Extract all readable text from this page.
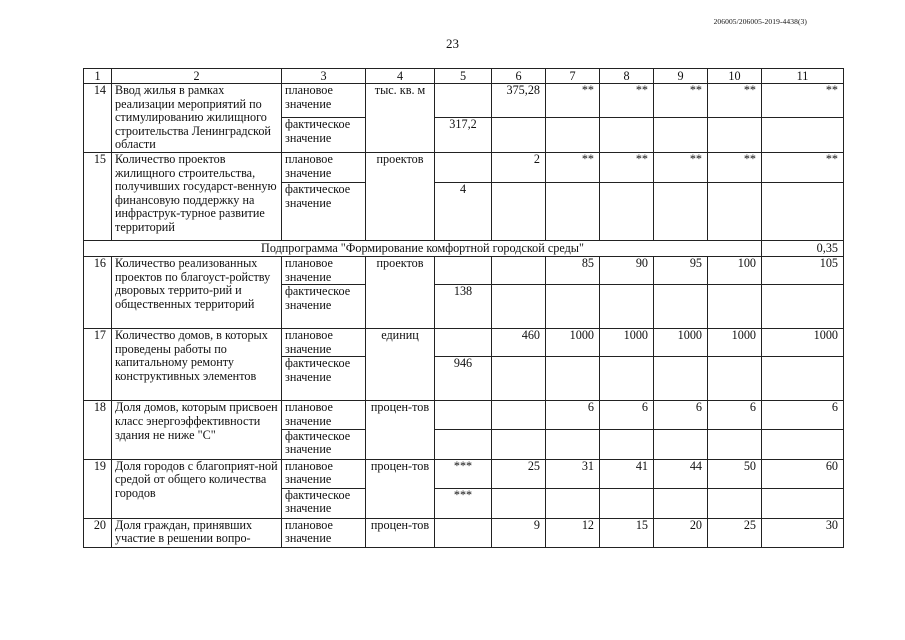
206005/206005-2019-4438(3)
23
1	2	3	4	5	6	7	8	9	10	11	
14	Ввод жилья в рамках реализации мероприятий по стимулированию жилищного строительства Ленинградской области	плановое значение	тыс. кв. м		375,28	**	**	**	**	**	
		фактическое значение		317,2							
15	Количество проектов жилищного строительства, получивших государст-венную финансовую поддержку на инфраструк-турное развитие территорий	плановое значение	проектов		2	**	**	**	**	**	
		фактическое значение		4							
Подпрограмма "Формирование комфортной городской среды"										0,35	
16	Количество реализованных проектов по благоуст-ройству дворовых террито-рий и общественных территорий	плановое значение	проектов			85	90	95	100	105	
		фактическое значение		138							
17	Количество домов, в которых проведены работы по капитальному ремонту конструктивных элементов	плановое значение	единиц		460	1000	1000	1000	1000	1000	
		фактическое значение		946							
18	Доля домов, которым присвоен класс энергоэффективности здания не ниже "С"	плановое значение	процен-тов			6	6	6	6	6	
		фактическое значение									
19	Доля городов с благоприят-ной средой от общего количества городов	плановое значение	процен-тов	***	25	31	41	44	50	60	
		фактическое значение		***							
20	Доля граждан, принявших участие в решении вопро-	плановое значение	процен-тов		9	12	15	20	25	30	
